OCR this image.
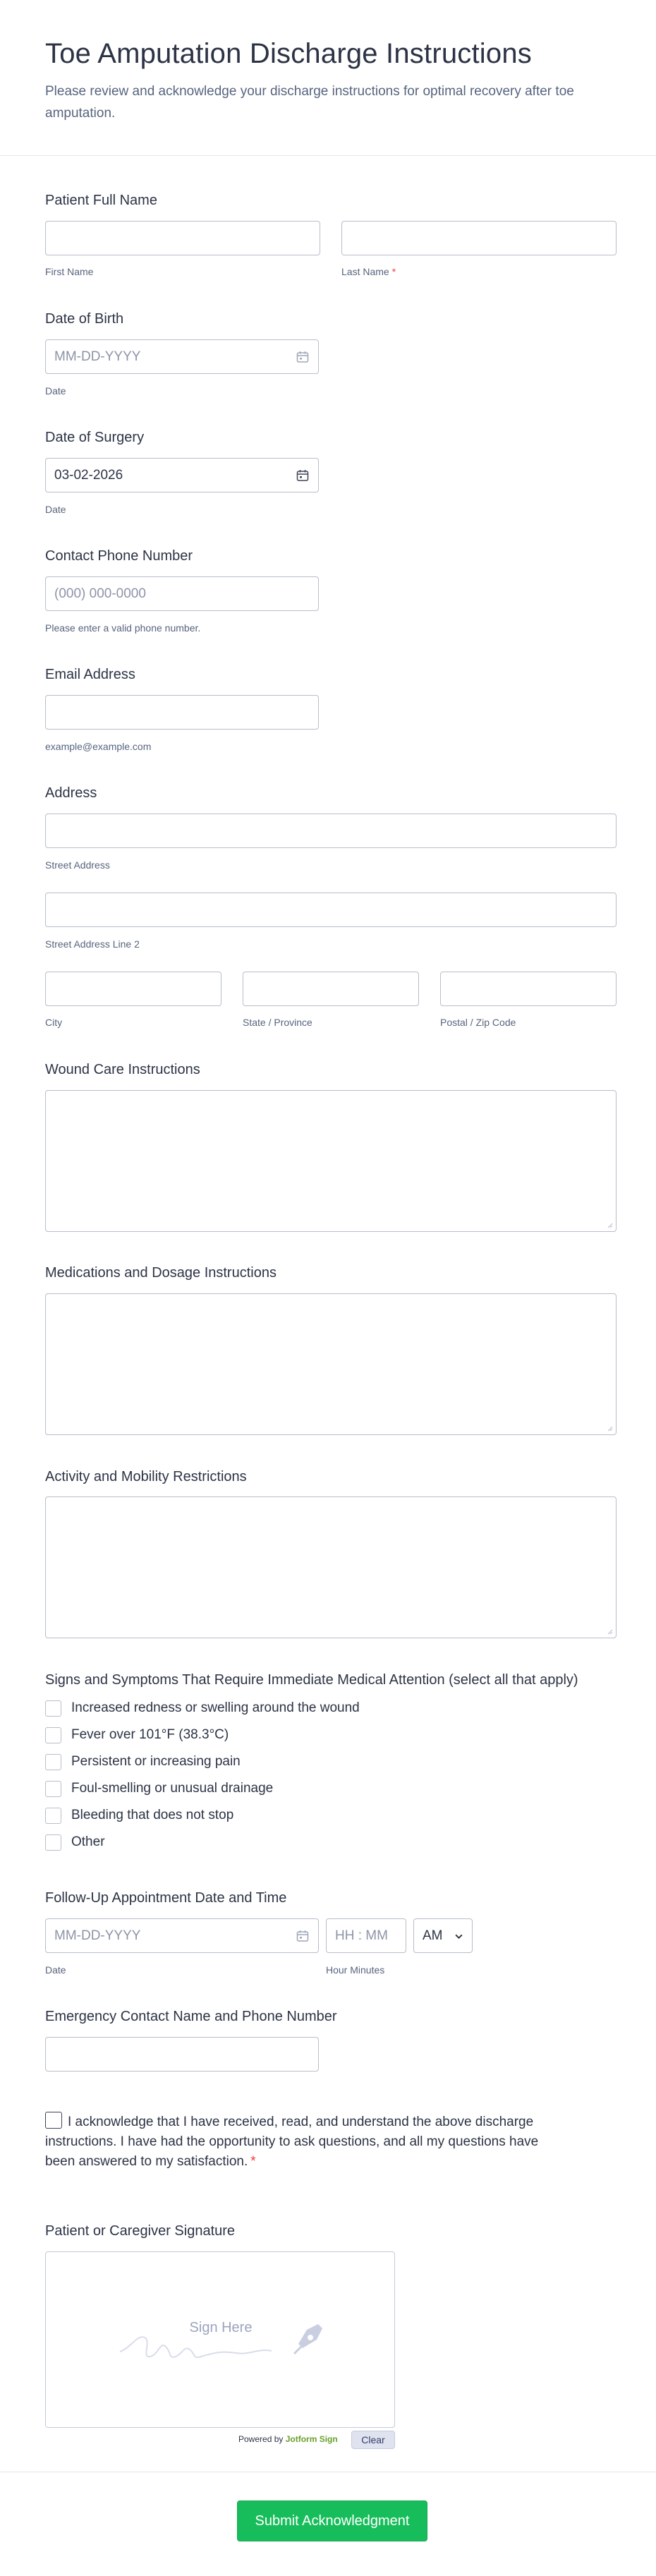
Toe Amputation Discharge Instructions

Please review and acknowledge your discharge instructions for optimal recovery after toe amputation.

Patient Full Name
First Name	Last Name *
Date of Birth
MM-DD-YYYY
Date
Date of Surgery
03-02-2026
Date
Contact Phone Number
(000) 000-0000
Please enter a valid phone number.
Email Address
example@example.com
Address
Street Address
Street Address Line 2
City	State / Province	Postal / Zip Code
Wound Care Instructions
Medications and Dosage Instructions
Activity and Mobility Restrictions
Signs and Symptoms That Require Immediate Medical Attention (select all that apply)
Increased redness or swelling around the wound
Fever over 101°F (38.3°C)
Persistent or increasing pain
Foul-smelling or unusual drainage
Bleeding that does not stop
Other
Follow-Up Appointment Date and Time
MM-DD-YYYY	HH : MM	AM
Date	Hour Minutes
Emergency Contact Name and Phone Number
I acknowledge that I have received, read, and understand the above discharge instructions. I have had the opportunity to ask questions, and all my questions have been answered to my satisfaction. *
Patient or Caregiver Signature
Sign Here
Powered by Jotform Sign	Clear
Submit Acknowledgment
